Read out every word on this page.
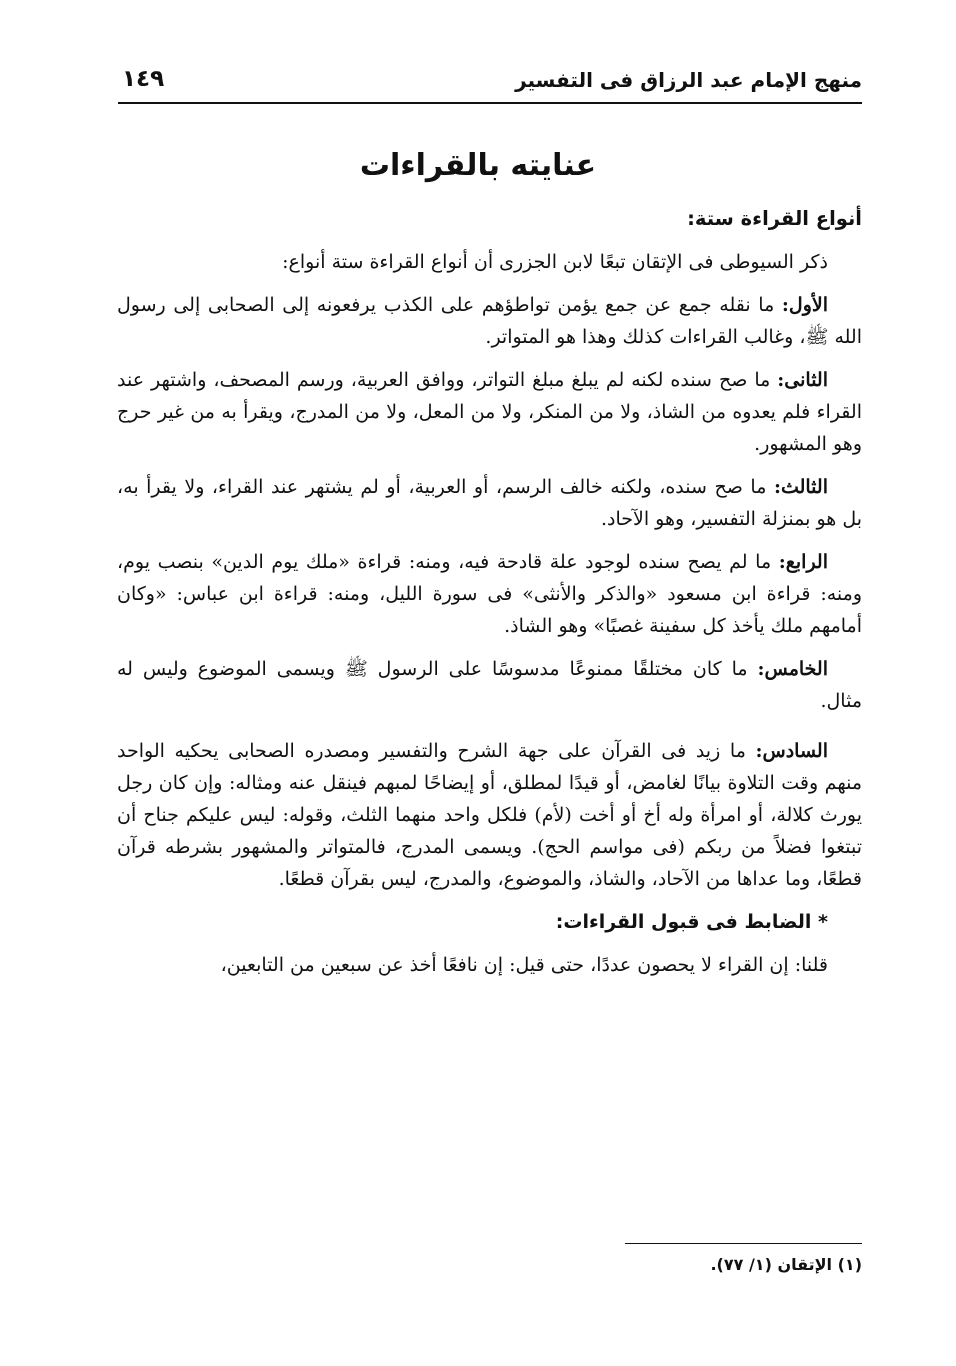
منهج الإمام عبد الرزاق فى التفسير
١٤٩
عنايته بالقراءات

أنواع القراءة ستة:

ذكر السيوطى فى الإتقان تبعًا لابن الجزرى أن أنواع القراءة ستة أنواع:

الأول: ما نقله جمع عن جمع يؤمن تواطؤهم على الكذب يرفعونه إلى الصحابى إلى رسول الله ﷺ، وغالب القراءات كذلك وهذا هو المتواتر.

الثانى: ما صح سنده لكنه لم يبلغ مبلغ التواتر، ووافق العربية، ورسم المصحف، واشتهر عند القراء فلم يعدوه من الشاذ، ولا من المنكر، ولا من المعل، ولا من المدرج، ويقرأ به من غير حرج وهو المشهور.

الثالث: ما صح سنده، ولكنه خالف الرسم، أو العربية، أو لم يشتهر عند القراء، ولا يقرأ به، بل هو بمنزلة التفسير، وهو الآحاد.

الرابع: ما لم يصح سنده لوجود علة قادحة فيه، ومنه: قراءة «ملك يوم الدين» بنصب يوم، ومنه: قراءة ابن مسعود «والذكر والأنثى» فى سورة الليل، ومنه: قراءة ابن عباس: «وكان أمامهم ملك يأخذ كل سفينة غصبًا» وهو الشاذ.

الخامس: ما كان مختلقًا ممنوعًا مدسوسًا على الرسول ﷺ ويسمى الموضوع وليس له مثال.

السادس: ما زيد فى القرآن على جهة الشرح والتفسير ومصدره الصحابى يحكيه الواحد منهم وقت التلاوة بيانًا لغامض، أو قيدًا لمطلق، أو إيضاحًا لمبهم فينقل عنه ومثاله: وإن كان رجل يورث كلالة، أو امرأة وله أخ أو أخت (لأم) فلكل واحد منهما الثلث، وقوله: ليس عليكم جناح أن تبتغوا فضلاً من ربكم (فى مواسم الحج). ويسمى المدرج، فالمتواتر والمشهور بشرطه قرآن قطعًا، وما عداها من الآحاد، والشاذ، والموضوع، والمدرج، ليس بقرآن قطعًا.

* الضابط فى قبول القراءات:

قلنا: إن القراء لا يحصون عددًا، حتى قيل: إن نافعًا أخذ عن سبعين من التابعين،

(١) الإتقان (١/ ٧٧).
